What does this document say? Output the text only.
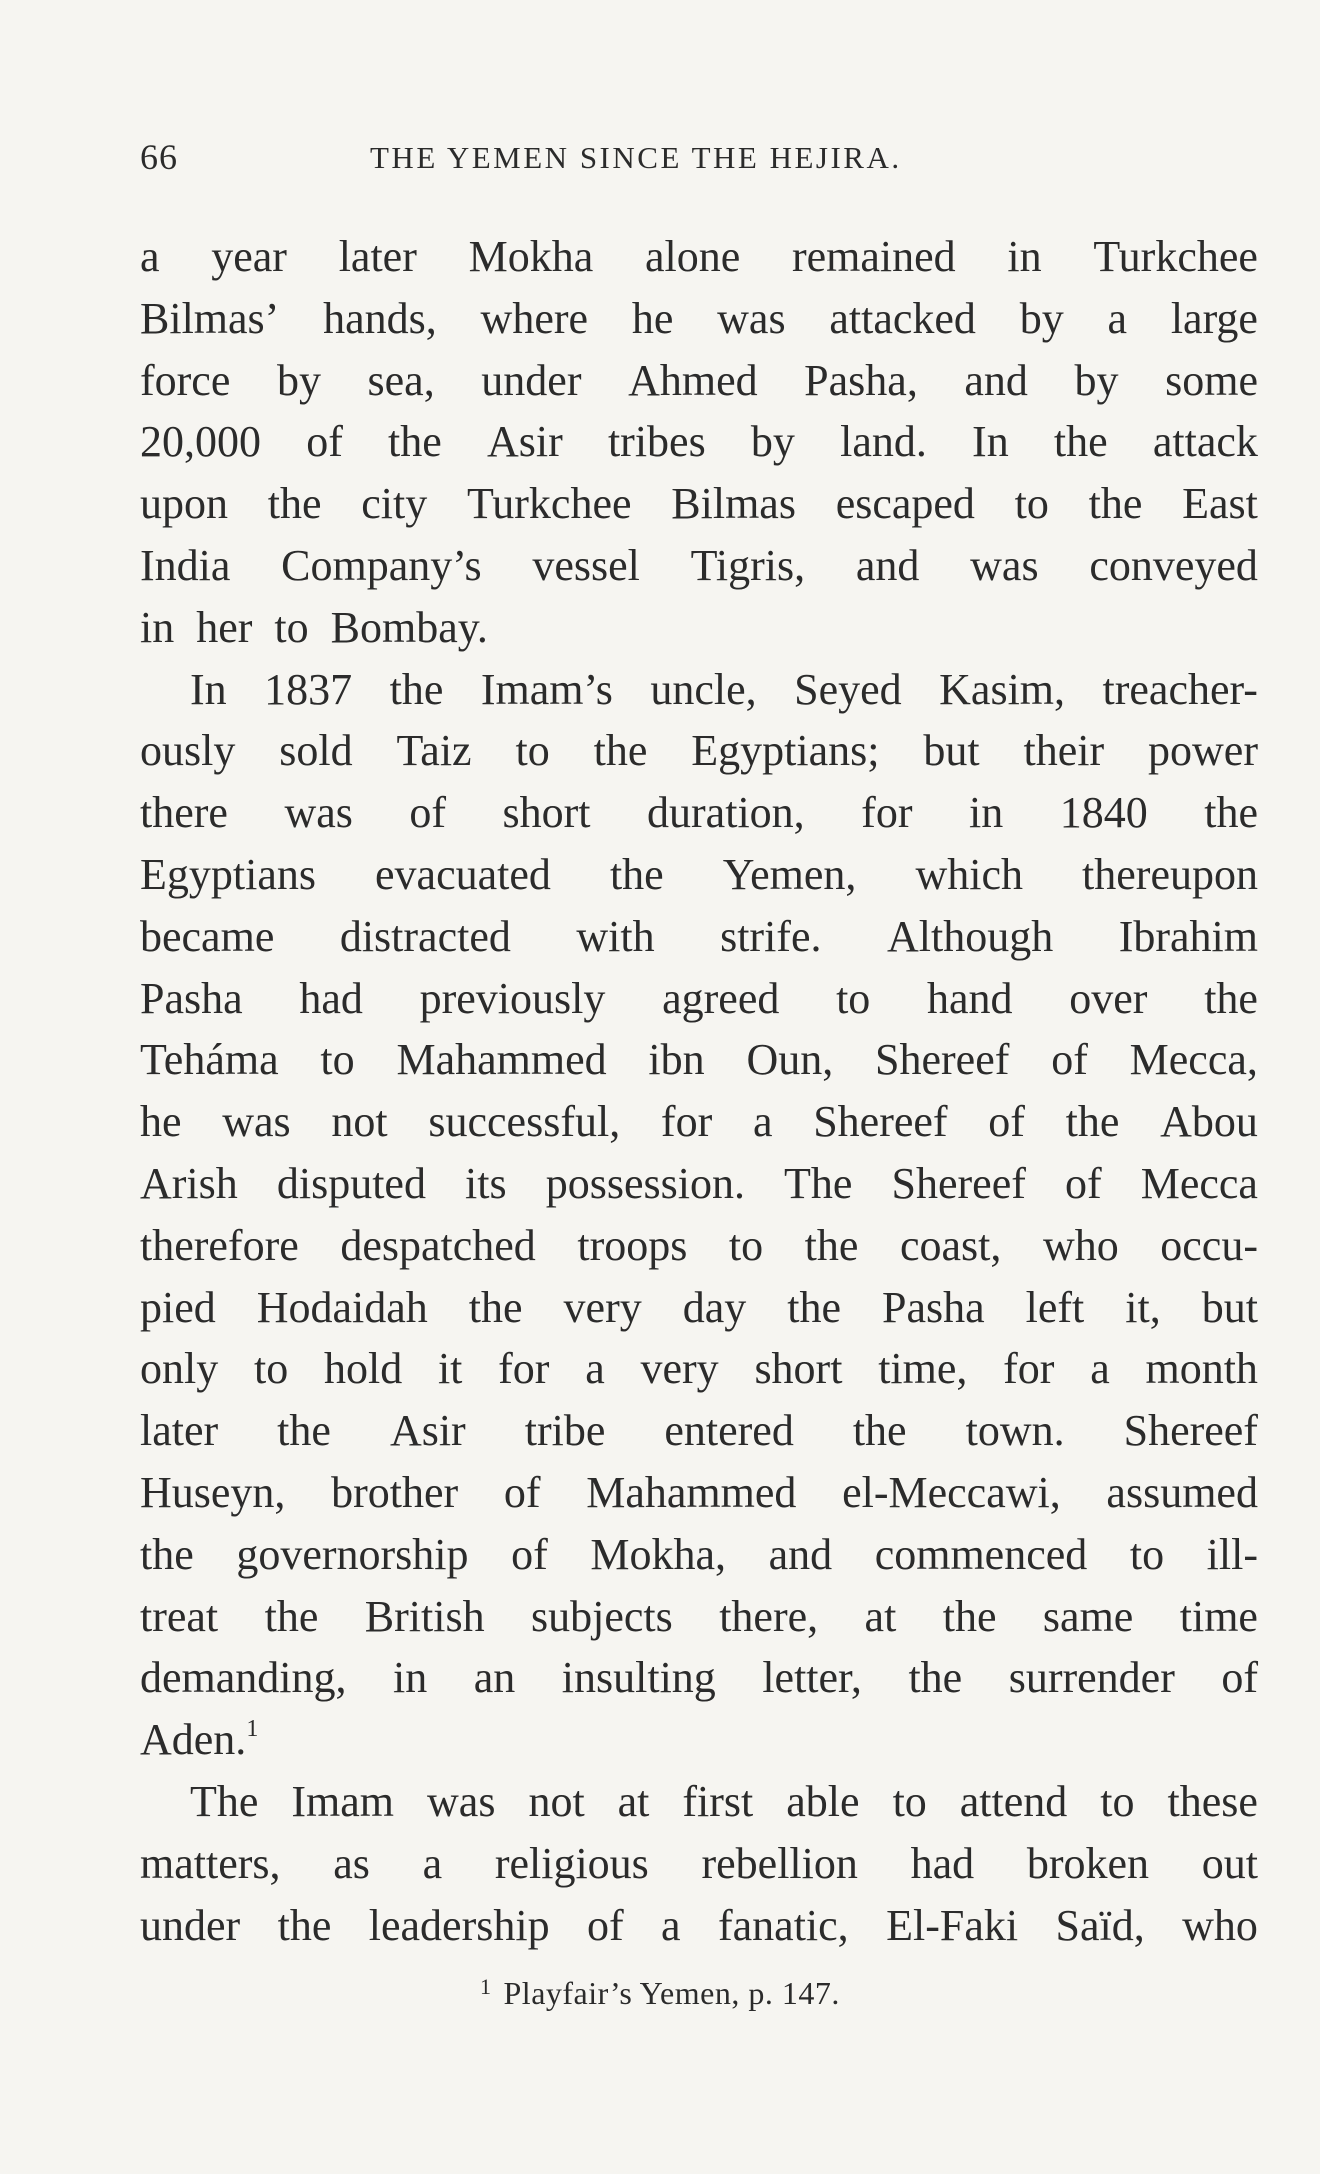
66	THE YEMEN SINCE THE HEJIRA.
a year later Mokha alone remained in Turkchee
Bilmas’ hands, where he was attacked by a large
force by sea, under Ahmed Pasha, and by some
20,000 of the Asir tribes by land. In the attack
upon the city Turkchee Bilmas escaped to the East
India Company’s vessel Tigris, and was conveyed
in her to Bombay.
In 1837 the Imam’s uncle, Seyed Kasim, treacher-
ously sold Taiz to the Egyptians; but their power
there was of short duration, for in 1840 the
Egyptians evacuated the Yemen, which thereupon
became distracted with strife. Although Ibrahim
Pasha had previously agreed to hand over the
Teháma to Mahammed ibn Oun, Shereef of Mecca,
he was not successful, for a Shereef of the Abou
Arish disputed its possession. The Shereef of Mecca
therefore despatched troops to the coast, who occu-
pied Hodaidah the very day the Pasha left it, but
only to hold it for a very short time, for a month
later the Asir tribe entered the town. Shereef
Huseyn, brother of Mahammed el-Meccawi, assumed
the governorship of Mokha, and commenced to ill-
treat the British subjects there, at the same time
demanding, in an insulting letter, the surrender of
Aden.$^1$
The Imam was not at first able to attend to these
matters, as a religious rebellion had broken out
under the leadership of a fanatic, El-Faki Saïd, who
$^1$ Playfair’s Yemen, p. 147.
